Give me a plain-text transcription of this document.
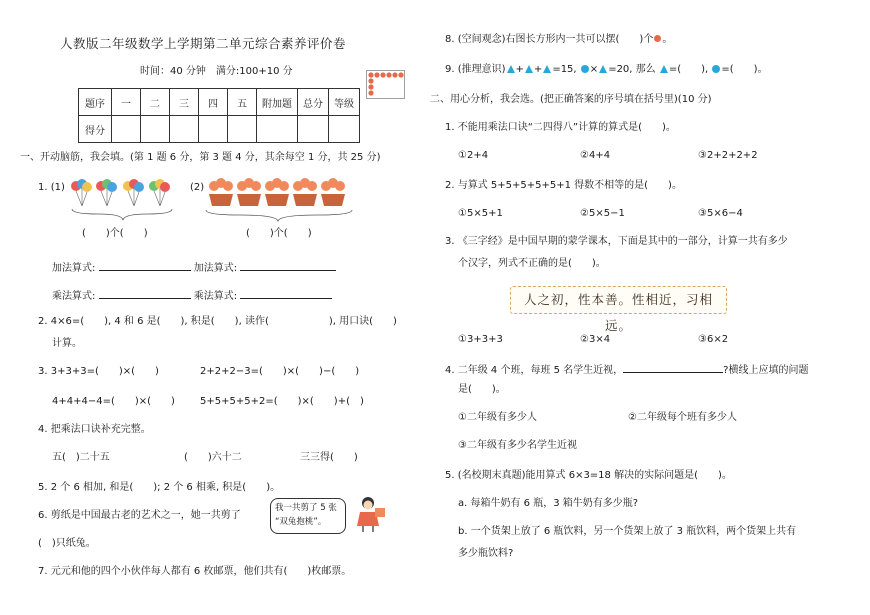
人教版二年级数学上学期第二单元综合素养评价卷
时间：40 分钟　满分:100+10 分
题序	一	二	三	四	五	附加题	总分	等级
得分								
一、开动脑筋，我会填。(第 1 题 6 分，第 3 题 4 分，其余每空 1 分，共 25 分)
1. (1)
(　　)个(　　)
(2)
(　　)个(　　)
加法算式:	加法算式:
乘法算式:	乘法算式:
2. 4×6=(　　), 4 和 6 是(　　), 积是(　　), 读作(　　　　　　), 用口诀(　　)
计算。
3. 3+3+3=(　　)×(　　)	2+2+2−3=(　　)×(　　)−(　　)
4+4+4−4=(　　)×(　　)	5+5+5+5+2=(　　)×(　　)+(　)
4. 把乘法口诀补充完整。
五(　)二十五	(　　)六十二	三三得(　　)
5. 2 个 6 相加, 和是(　　); 2 个 6 相乘, 积是(　　)。
6. 剪纸是中国最古老的艺术之一，她一共剪了
(　)只纸兔。
我一共剪了 5 张
“双兔抱桃”。
7. 元元和他的四个小伙伴每人都有 6 枚邮票，他们共有(　　)枚邮票。
8. (空间观念)右图长方形内一共可以摆(　　)个 。
9. (推理意识) + + =15, × =20, 那么 =(　　), =(　　)。
二、用心分析，我会选。(把正确答案的序号填在括号里)(10 分)
1. 不能用乘法口诀“二四得八”计算的算式是(　　)。
①2+4	②4+4	③2+2+2+2
2. 与算式 5+5+5+5+5+1 得数不相等的是(　　)。
①5×5+1	②5×5−1	③5×6−4
3. 《三字经》是中国早期的蒙学课本，下面是其中的一部分，计算一共有多少
个汉字，列式不正确的是(　　)。
人之初，性本善。性相近，习相远。
①3+3+3	②3×4	③6×2
4. 二年级 4 个班，每班 5 名学生近视，	?横线上应填的问题
是(　　)。
①二年级有多少人	②二年级每个班有多少人
③二年级有多少名学生近视
5. (名校期末真题)能用算式 6×3=18 解决的实际问题是(　　)。
a. 每箱牛奶有 6 瓶，3 箱牛奶有多少瓶?
b. 一个货架上放了 6 瓶饮料，另一个货架上放了 3 瓶饮料，两个货架上共有
多少瓶饮料?
